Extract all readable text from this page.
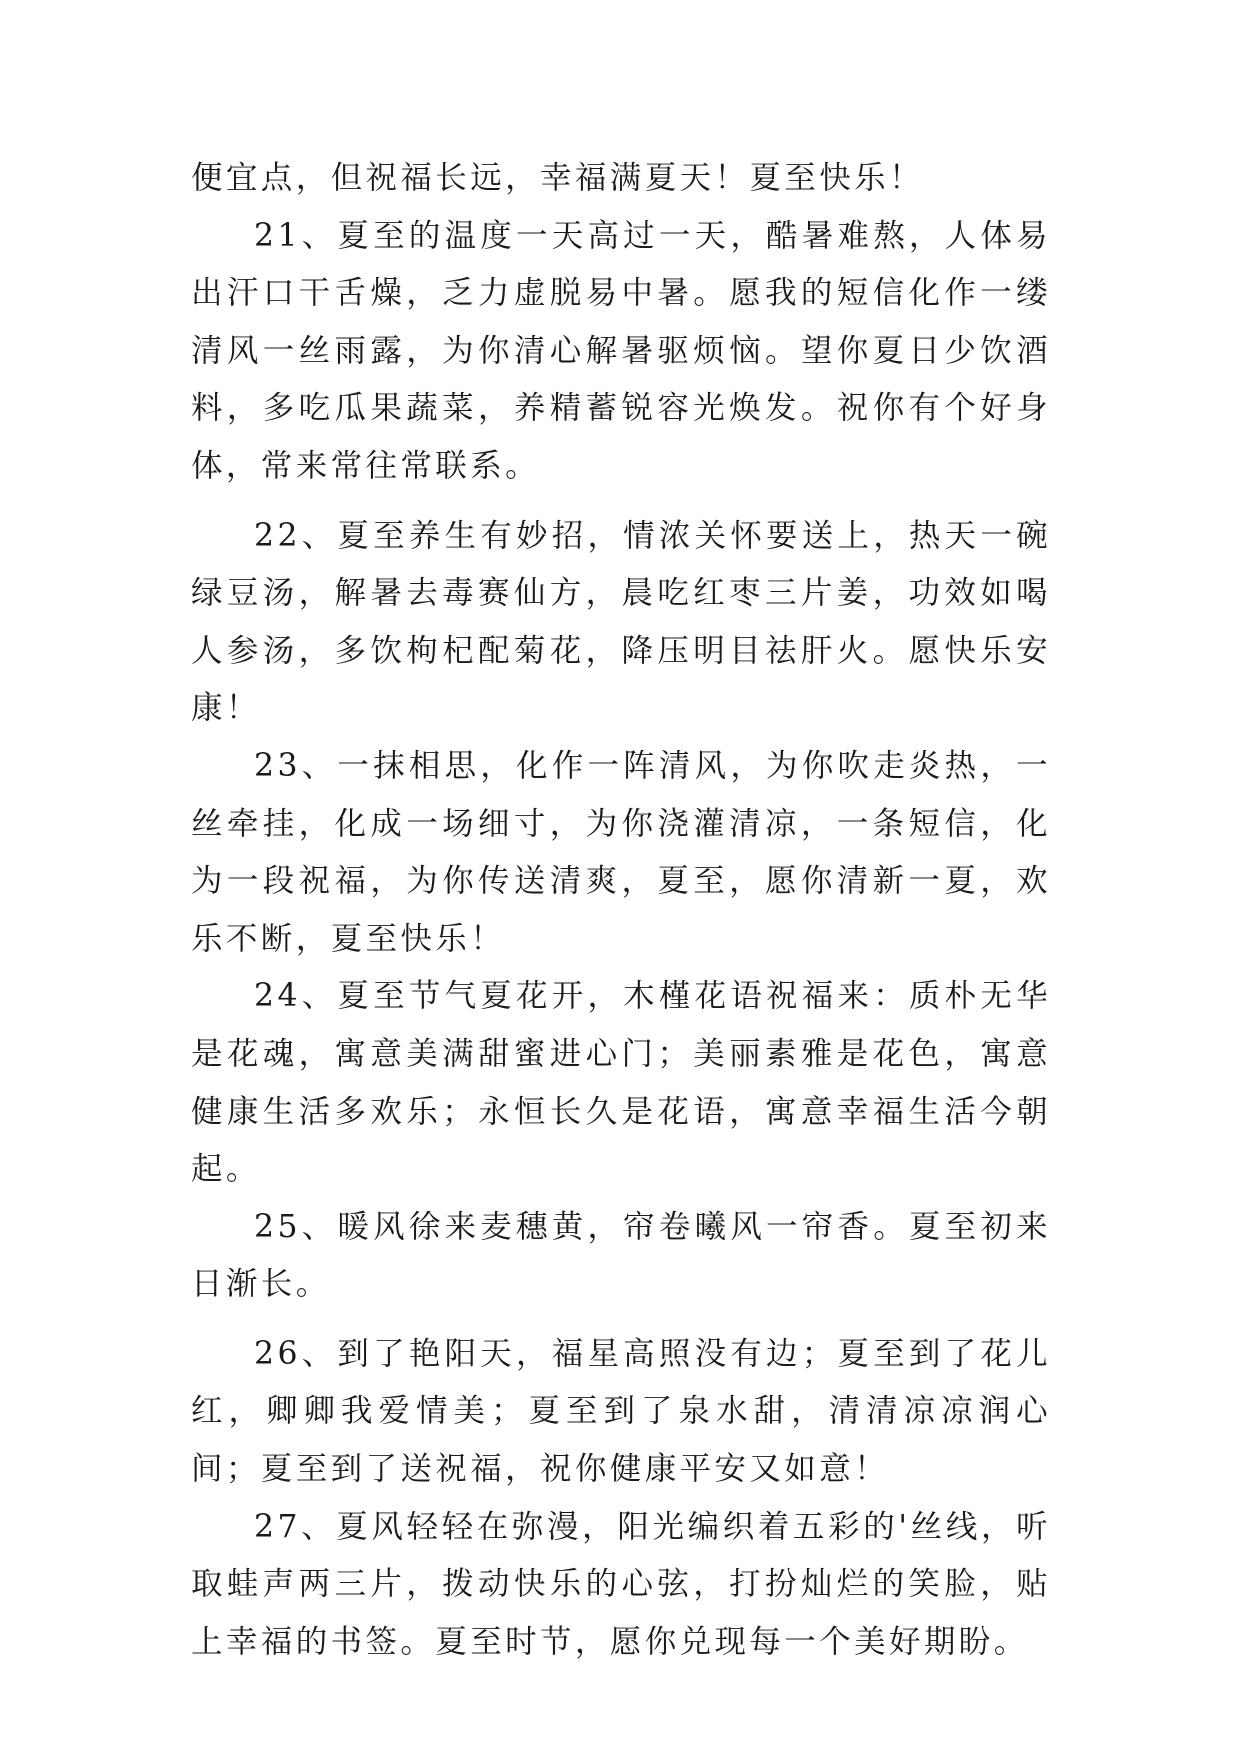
便宜点，但祝福长远，幸福满夏天！夏至快乐！

21、夏至的温度一天高过一天，酷暑难熬，人体易出汗口干舌燥，乏力虚脱易中暑。愿我的短信化作一缕清风一丝雨露，为你清心解暑驱烦恼。望你夏日少饮酒料，多吃瓜果蔬菜，养精蓄锐容光焕发。祝你有个好身体，常来常往常联系。

22、夏至养生有妙招，情浓关怀要送上，热天一碗绿豆汤，解暑去毒赛仙方，晨吃红枣三片姜，功效如喝人参汤，多饮枸杞配菊花，降压明目祛肝火。愿快乐安康！

23、一抹相思，化作一阵清风，为你吹走炎热，一丝牵挂，化成一场细寸，为你浇灌清凉，一条短信，化为一段祝福，为你传送清爽，夏至，愿你清新一夏，欢乐不断，夏至快乐！

24、夏至节气夏花开，木槿花语祝福来：质朴无华是花魂，寓意美满甜蜜进心门；美丽素雅是花色，寓意健康生活多欢乐；永恒长久是花语，寓意幸福生活今朝起。

25、暖风徐来麦穗黄，帘卷曦风一帘香。夏至初来日渐长。

26、到了艳阳天，福星高照没有边；夏至到了花儿红，卿卿我爱情美；夏至到了泉水甜，清清凉凉润心间；夏至到了送祝福，祝你健康平安又如意！

27、夏风轻轻在弥漫，阳光编织着五彩的'丝线，听取蛙声两三片，拨动快乐的心弦，打扮灿烂的笑脸，贴上幸福的书签。夏至时节，愿你兑现每一个美好期盼。
